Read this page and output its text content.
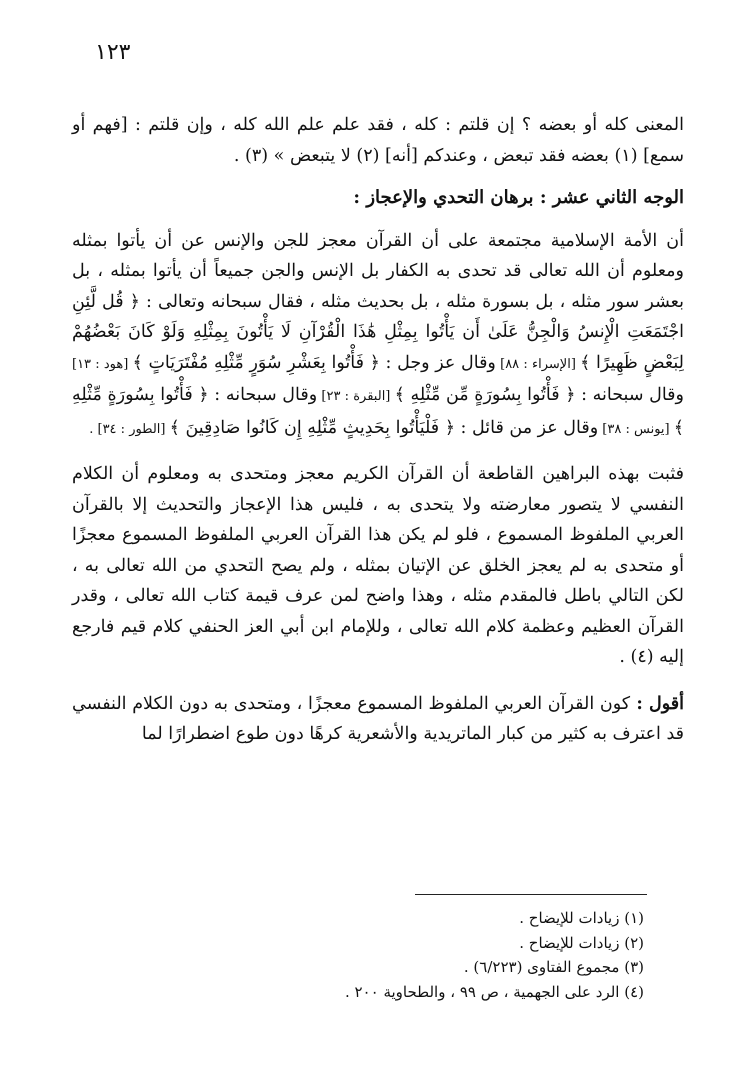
١٢٣

المعنى كله أو بعضه ؟ إن قلتم : كله ، فقد علم علم الله كله ، وإن قلتم : [فهم أو سمع] (١) بعضه فقد تبعض ، وعندكم [أنه] (٢) لا يتبعض » (٣) .

الوجه الثاني عشر : برهان التحدي والإعجاز :

أن الأمة الإسلامية مجتمعة على أن القرآن معجز للجن والإنس عن أن يأتوا بمثله ومعلوم أن الله تعالى قد تحدى به الكفار بل الإنس والجن جميعاً أن يأتوا بمثله ، بل بعشر سور مثله ، بل بسورة مثله ، بل بحديث مثله ، فقال سبحانه وتعالى : ﴿ قُل لَّئِنِ اجْتَمَعَتِ الْإِنسُ وَالْجِنُّ عَلَىٰ أَن يَأْتُوا بِمِثْلِ هَٰذَا الْقُرْآنِ لَا يَأْتُونَ بِمِثْلِهِ وَلَوْ كَانَ بَعْضُهُمْ لِبَعْضٍ ظَهِيرًا ﴾ [الإسراء : ٨٨] وقال عز وجل : ﴿ فَأْتُوا بِعَشْرِ سُوَرٍ مِّثْلِهِ مُفْتَرَيَاتٍ ﴾ [هود : ١٣] وقال سبحانه : ﴿ فَأْتُوا بِسُورَةٍ مِّن مِّثْلِهِ ﴾ [البقرة : ٢٣] وقال سبحانه : ﴿ فَأْتُوا بِسُورَةٍ مِّثْلِهِ ﴾ [يونس : ٣٨] وقال عز من قائل : ﴿ فَلْيَأْتُوا بِحَدِيثٍ مِّثْلِهِ إِن كَانُوا صَادِقِينَ ﴾ [الطور : ٣٤] .

فثبت بهذه البراهين القاطعة أن القرآن الكريم معجز ومتحدى به ومعلوم أن الكلام النفسي لا يتصور معارضته ولا يتحدى به ، فليس هذا الإعجاز والتحديث إلا بالقرآن العربي الملفوظ المسموع ، فلو لم يكن هذا القرآن العربي الملفوظ المسموع معجزًا أو متحدى به لم يعجز الخلق عن الإتيان بمثله ، ولم يصح التحدي من الله تعالى به ، لكن التالي باطل فالمقدم مثله ، وهذا واضح لمن عرف قيمة كتاب الله تعالى ، وقدر القرآن العظيم وعظمة كلام الله تعالى ، وللإمام ابن أبي العز الحنفي كلام قيم فارجع إليه (٤) .

أقول : كون القرآن العربي الملفوظ المسموع معجزًا ، ومتحدى به دون الكلام النفسي قد اعترف به كثير من كبار الماتريدية والأشعرية كرهًا دون طوع اضطرارًا لما

(١) زيادات للإيضاح .
(٢) زيادات للإيضاح .
(٣) مجموع الفتاوى (٦/٢٢٣) .
(٤) الرد على الجهمية ، ص ٩٩ ، والطحاوية ٢٠٠ .
